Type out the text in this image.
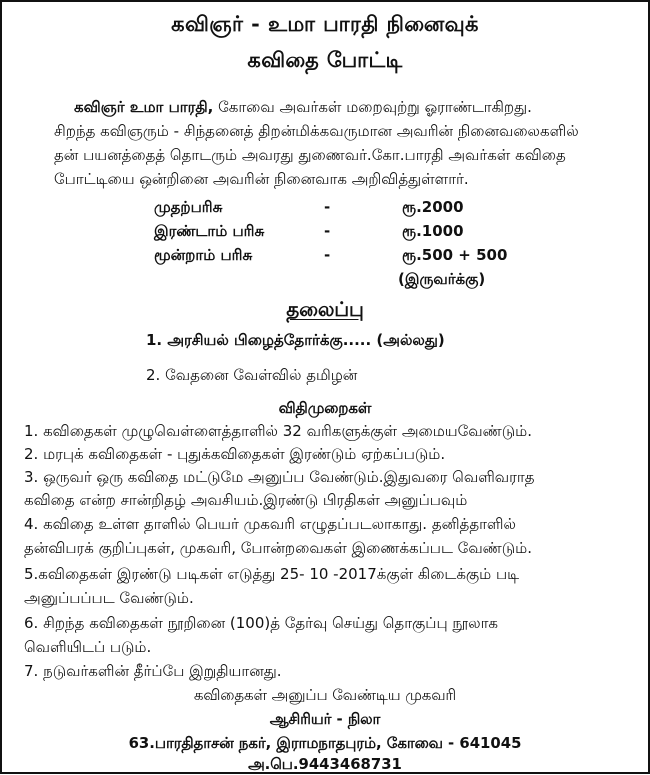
கவிஞர் - உமா பாரதி நினைவுக்
கவிதை போட்டி
கவிஞர் உமா பாரதி, கோவை அவர்கள் மறைவுற்று ஓராண்டாகிறது.
சிறந்த கவிஞரும் - சிந்தனைத் திறன்மிக்கவருமான அவரின் நினைவலைகளில்
தன் பயனத்தைத் தொடரும் அவரது துணைவர்.கோ.பாரதி அவர்கள் கவிதை
போட்டியை ஒன்றினை அவரின் நினைவாக அறிவித்துள்ளார்.
முதற்பரிசு	-	ரூ.2000
இரண்டாம் பரிசு	-	ரூ.1000
மூன்றாம் பரிசு	-	ரூ.500 + 500
(இருவர்க்கு)
தலைப்பு
1. அரசியல் பிழைத்தோர்க்கு..... (அல்லது)
2. வேதனை வேள்வில் தமிழன்
விதிமுறைகள்
1. கவிதைகள் முழுவெள்ளைத்தாளில் 32 வரிகளுக்குள் அமையவேண்டும்.
2. மரபுக் கவிதைகள் - புதுக்கவிதைகள் இரண்டும் ஏற்கப்படும்.
3. ஒருவர் ஒரு கவிதை மட்டுமே அனுப்ப வேண்டும்.இதுவரை வெளிவராத
கவிதை என்ற சான்றிதழ் அவசியம்.இரண்டு பிரதிகள் அனுப்பவும்
4. கவிதை உள்ள தாளில் பெயர் முகவரி எழுதப்படலாகாது. தனித்தாளில்
தன்விபரக் குறிப்புகள், முகவரி, போன்றவைகள் இணைக்கப்பட வேண்டும்.
5.கவிதைகள் இரண்டு படிகள் எடுத்து 25- 10 -2017க்குள் கிடைக்கும் படி
அனுப்பப்பட வேண்டும்.
6. சிறந்த கவிதைகள் நூறினை (100)த் தேர்வு செய்து தொகுப்பு நூலாக
வெளியிடப் படும்.
7. நடுவர்களின் தீர்ப்பே இறுதியானது.
கவிதைகள் அனுப்ப வேண்டிய முகவரி
ஆசிரியர் - நிலா
63.பாரதிதாசன் நகர், இராமநாதபுரம், கோவை - 641045
அ.பெ.9443468731
